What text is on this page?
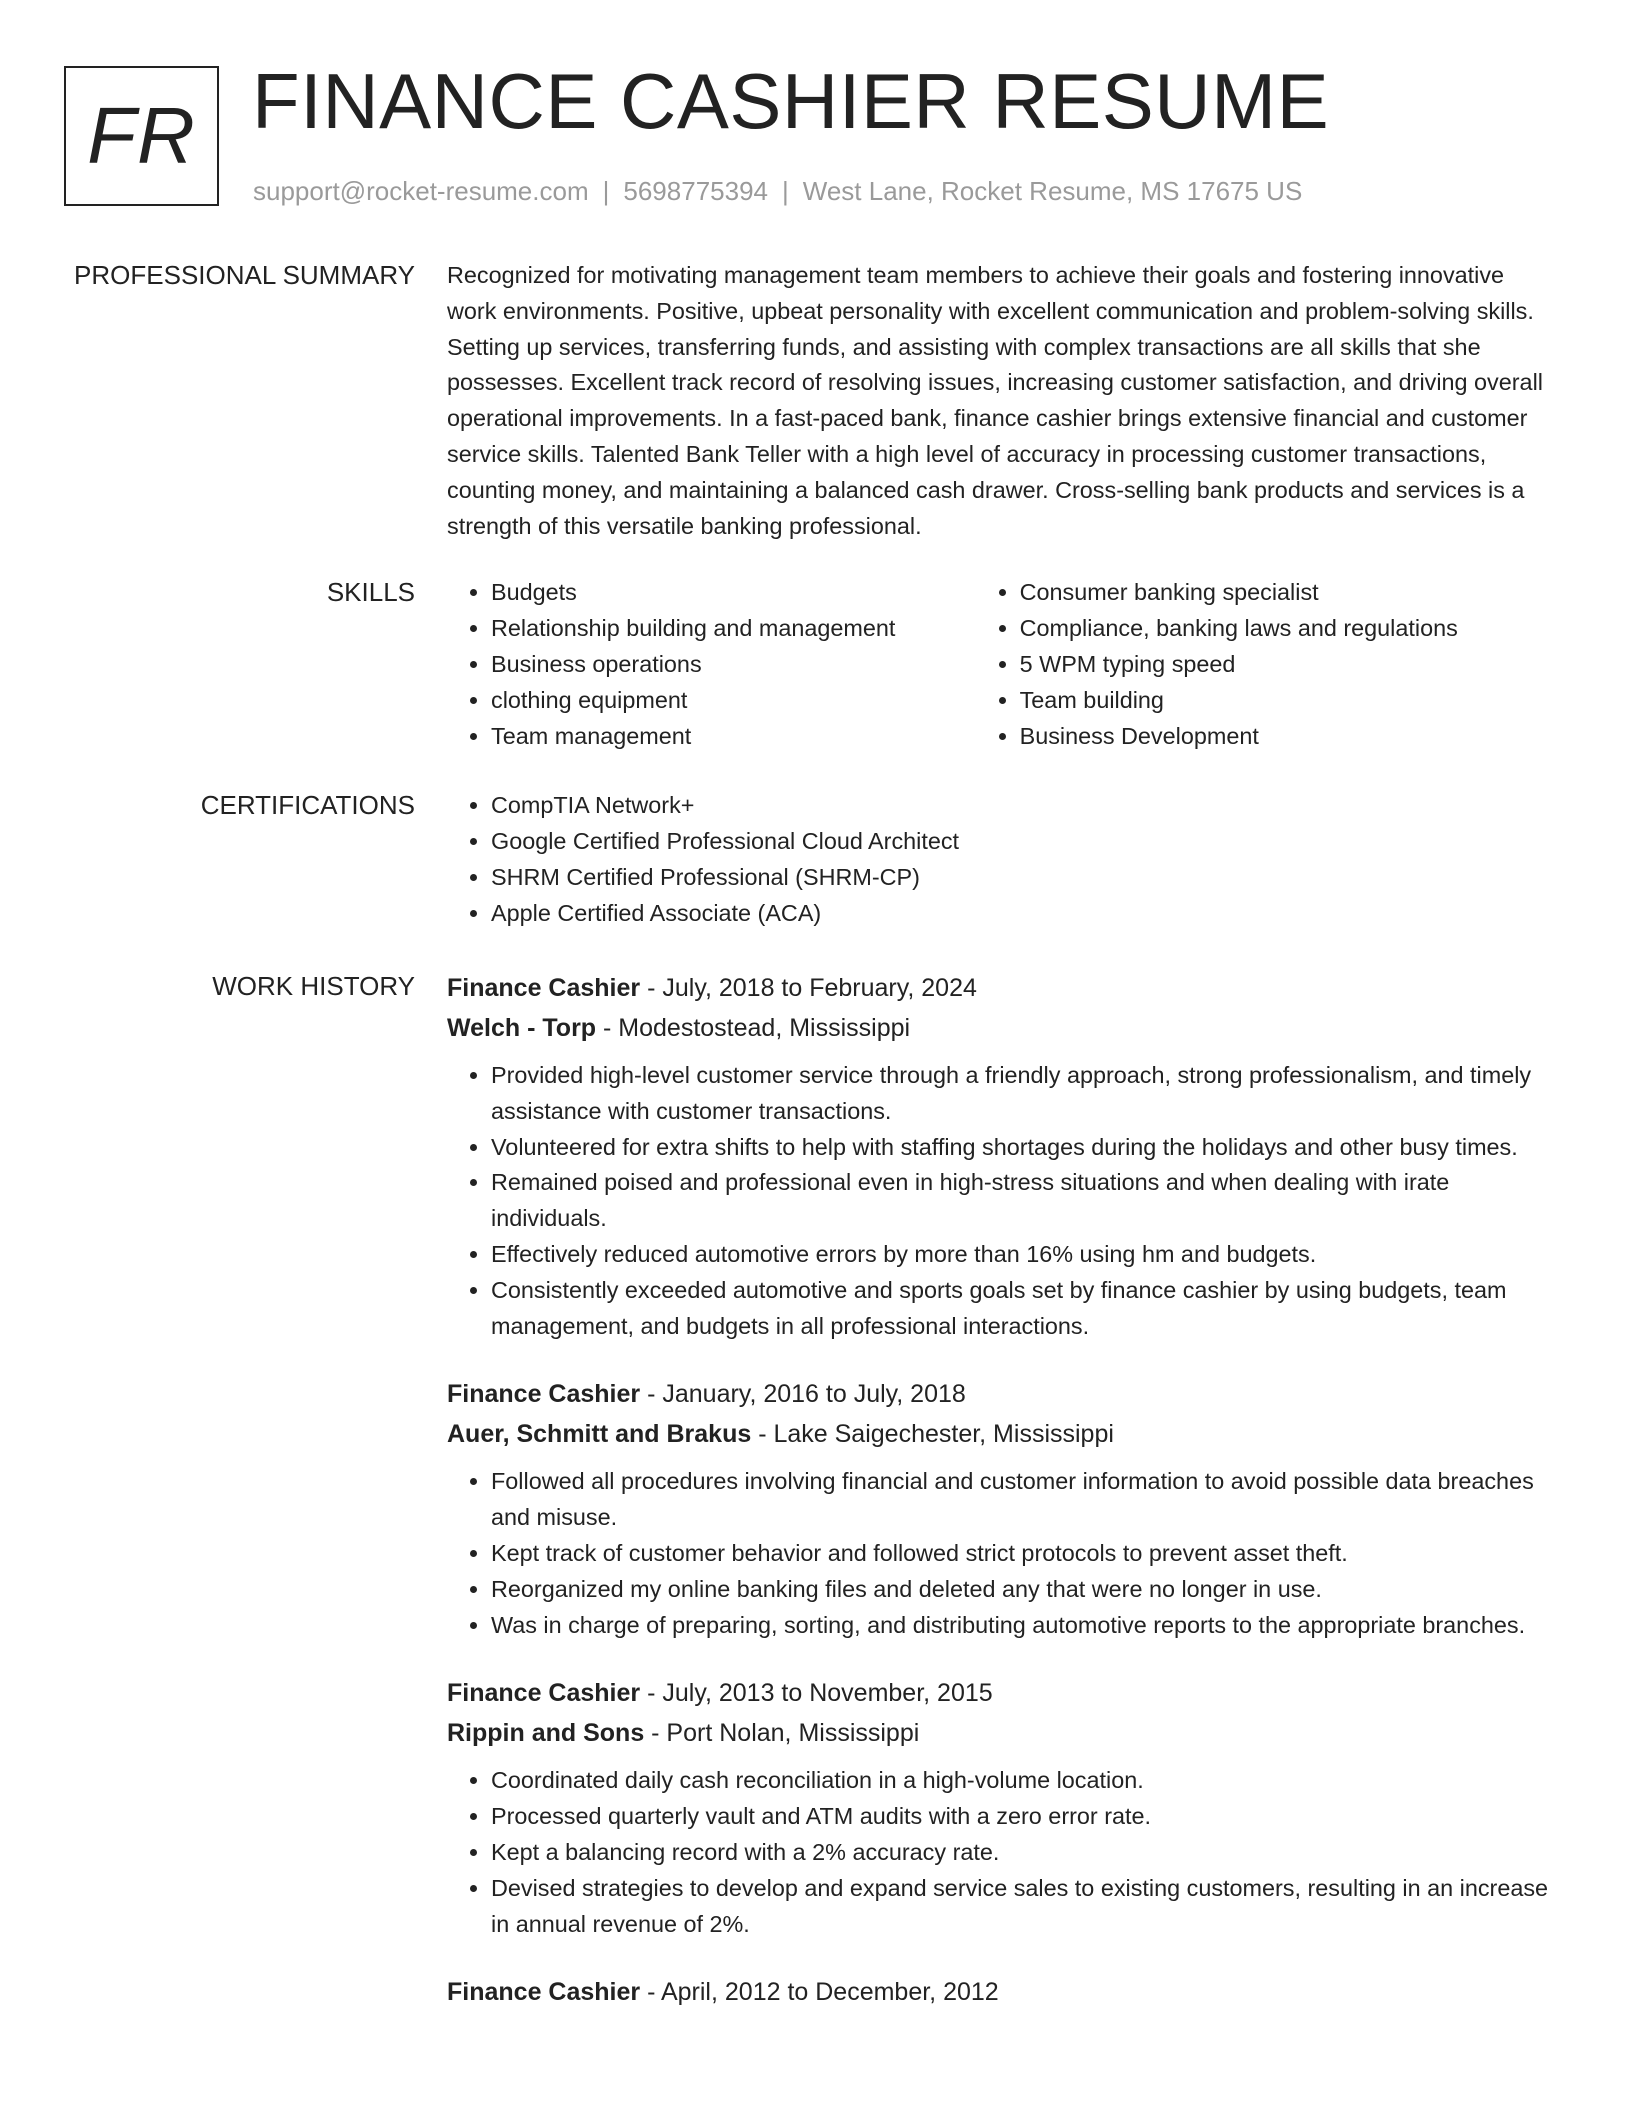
FR FINANCE CASHIER RESUME
support@rocket-resume.com | 5698775394 | West Lane, Rocket Resume, MS 17675 US
PROFESSIONAL SUMMARY Recognized for motivating management team members to achieve their goals and fostering innovative work environments. Positive, upbeat personality with excellent communication and problem-solving skills. Setting up services, transferring funds, and assisting with complex transactions are all skills that she possesses. Excellent track record of resolving issues, increasing customer satisfaction, and driving overall operational improvements. In a fast-paced bank, finance cashier brings extensive financial and customer service skills. Talented Bank Teller with a high level of accuracy in processing customer transactions, counting money, and maintaining a balanced cash drawer. Cross-selling bank products and services is a strength of this versatile banking professional.

SKILLS	• Budgets
• Relationship building and management
• Business operations
• clothing equipment
• Team management
• Consumer banking specialist
• Compliance, banking laws and regulations
• 5 WPM typing speed
• Team building
• Business Development
CERTIFICATIONS	• CompTIA Network+
• Google Certified Professional Cloud Architect
• SHRM Certified Professional (SHRM-CP)
• Apple Certified Associate (ACA)
WORK HISTORY Finance Cashier - July, 2018 to February, 2024
Welch - Torp - Modestostead, Mississippi
• Provided high-level customer service through a friendly approach, strong professionalism, and timely assistance with customer transactions.
• Volunteered for extra shifts to help with staffing shortages during the holidays and other busy times.
• Remained poised and professional even in high-stress situations and when dealing with irate individuals.
• Effectively reduced automotive errors by more than 16% using hm and budgets.
• Consistently exceeded automotive and sports goals set by finance cashier by using budgets, team management, and budgets in all professional interactions.
Finance Cashier - January, 2016 to July, 2018
Auer, Schmitt and Brakus - Lake Saigechester, Mississippi
• Followed all procedures involving financial and customer information to avoid possible data breaches and misuse.
• Kept track of customer behavior and followed strict protocols to prevent asset theft.
• Reorganized my online banking files and deleted any that were no longer in use.
• Was in charge of preparing, sorting, and distributing automotive reports to the appropriate branches.
Finance Cashier - July, 2013 to November, 2015
Rippin and Sons - Port Nolan, Mississippi
• Coordinated daily cash reconciliation in a high-volume location.
• Processed quarterly vault and ATM audits with a zero error rate.
• Kept a balancing record with a 2% accuracy rate.
• Devised strategies to develop and expand service sales to existing customers, resulting in an increase in annual revenue of 2%.
Finance Cashier - April, 2012 to December, 2012
